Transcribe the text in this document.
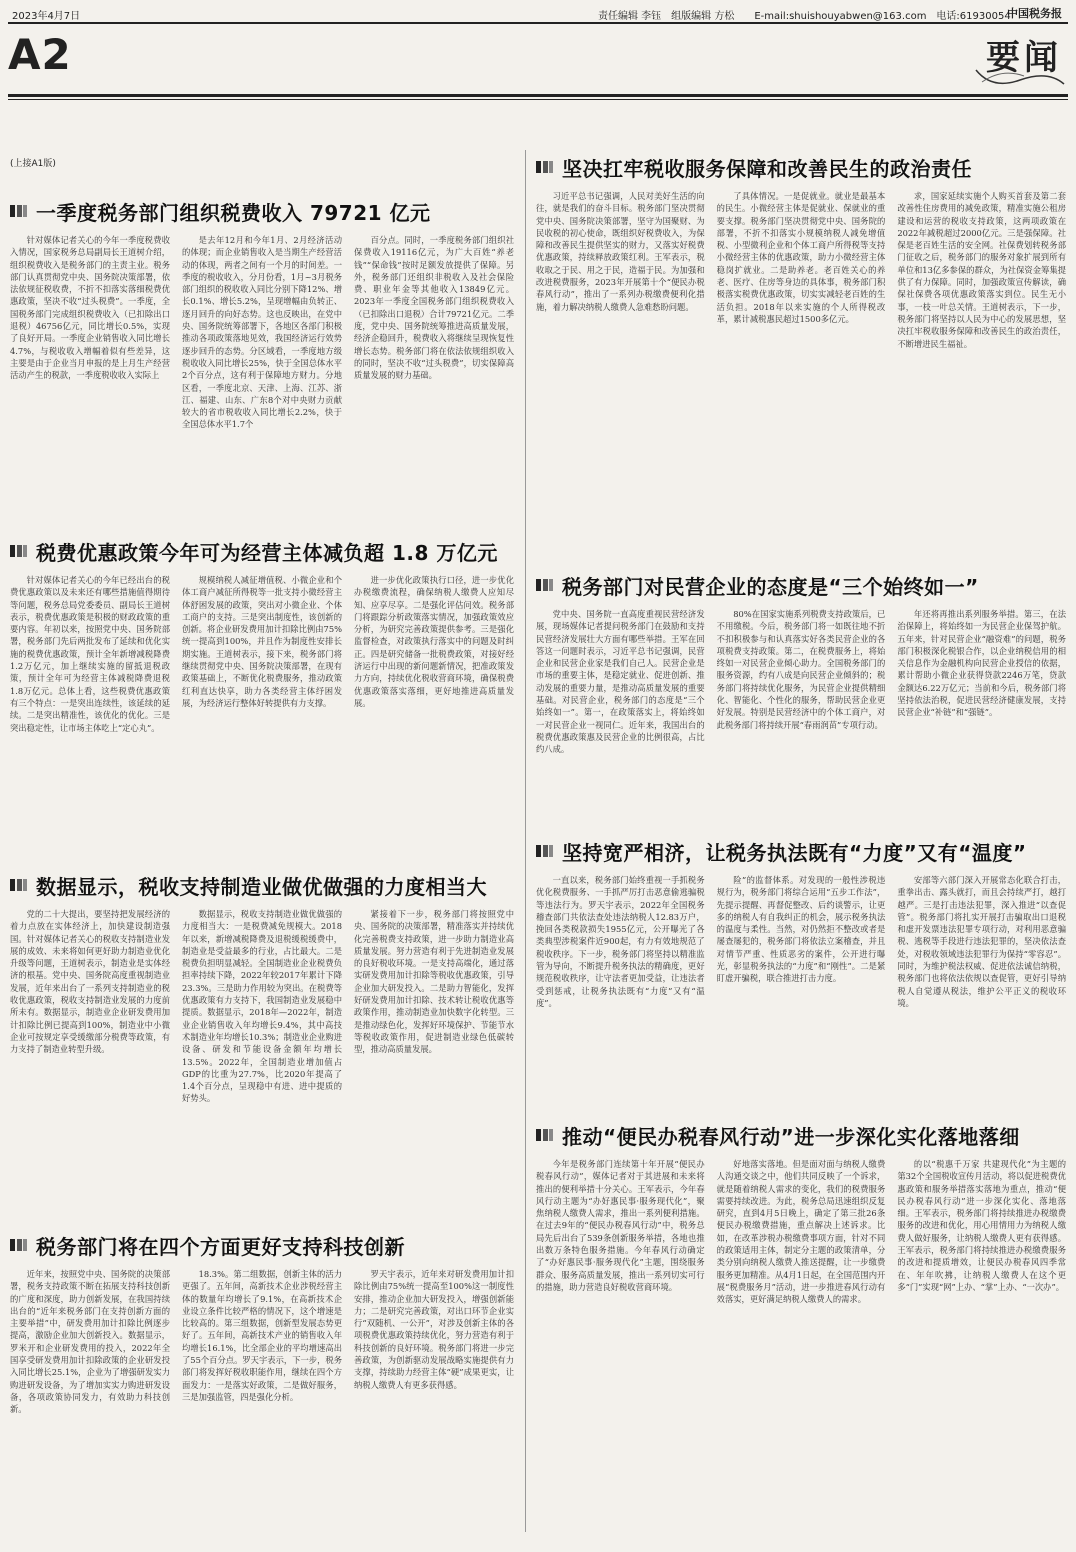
2023年4月7日	责任编辑 李钰　组版编辑 方松　　E-mail:shuishouyabwen@163.com　电话:61930054
中国税务报
A2	要闻
(上接A1版)
一季度税务部门组织税费收入 79721 亿元

针对媒体记者关心的今年一季度税费收入情况，国家税务总局副局长王道树介绍，组织税费收入是税务部门的主责主业。税务部门认真贯彻党中央、国务院决策部署，依法依规征税收费，不折不扣落实落细税费优惠政策，坚决不收“过头税费”。一季度，全国税务部门完成组织税费收入（已扣除出口退税）46756亿元，同比增长0.5%，实现了良好开局。一季度企业销售收入同比增长4.7%，与税收收入增幅着似有些差异，这主要是由于企业当月申报的是上月生产经营活动产生的税款，一季度税收收入实际上

是去年12月和今年1月、2月经济活动的体现；而企业销售收入是当期生产经营活动的体现，两者之间有一个月的时间差。一季度的税收收入，分月份看，1月~3月税务部门组织的税收收入同比分别下降12%、增长0.1%、增长5.2%，呈现增幅由负转正、逐月回升的向好态势。这也反映出，在党中央、国务院统筹部署下，各地区各部门积极推动各项政策落地见效，我国经济运行效势逐步回升的态势。分区域看，一季度地方级税收收入同比增长25%，快于全国总体水平2个百分点，这有利于保障地方财力。分地区看，一季度北京、天津、上海、江苏、浙江、福建、山东、广东8个对中央财力贡献较大的省市税收收入同比增长2.2%，快于全国总体水平1.7个

百分点。同时，一季度税务部门组织社保费收入19116亿元，为广大百姓“养老钱”“保命钱”按时足额发放提供了保障。另外，税务部门还组织非税收入及社会保险费、职业年金等其他收入13849亿元。2023年一季度全国税务部门组织税费收入（已扣除出口退税）合计79721亿元。二季度，党中央、国务院统筹推进高质量发展，经济企稳回升，税费收入将继续呈现恢复性增长态势。税务部门将在依法依规组织收入的同时，坚决不收“过头税费”，切实保障高质量发展的财力基础。

税费优惠政策今年可为经营主体减负超 1.8 万亿元

针对媒体记者关心的今年已经出台的税费优惠政策以及未来还有哪些措施值得期待等问题，税务总局党委委员、副局长王道树表示，税费优惠政策是积极的财政政策的重要内容。年初以来，按照党中央、国务院部署，税务部门先后两批发布了延续和优化实施的税费优惠政策，预计全年新增减税降费1.2万亿元，加上继续实施的留抵退税政策，预计全年可为经营主体减税降费退税1.8万亿元。总体上看，这些税费优惠政策有三个特点：一是突出连续性，该延续的延续。二是突出精准性，该优化的优化。三是突出稳定性，让市场主体吃上“定心丸”。

规模纳税人减征增值税、小微企业和个体工商户减征所得税等一批支持小微经营主体舒困发展的政策，突出对小微企业、个体工商户的支持。三是突出制度性，该创新的创新。将企业研发费用加计扣除比例由75%统一提高到100%，并且作为制度性安排长期实施。王道树表示，接下来，税务部门将继续贯彻党中央、国务院决策部署，在现有政策基础上，不断优化税费服务，推动政策红利直达快享，助力各类经营主体纾困发展，为经济运行整体好转提供有力支撑。

进一步优化政策执行口径，进一步优化办税缴费流程，确保纳税人缴费人应知尽知、应享尽享。二是强化评估问效。税务部门将跟踪分析政策落实情况，加强政策效应分析，为研究完善政策提供参考。三是强化监督检查，对政策执行落实中的问题及时纠正。四是研究储备一批税费政策，对接好经济运行中出现的新问题新情况，把准政策发力方向，持续优化税收营商环境，确保税费优惠政策落实落细，更好地推进高质量发展。

数据显示，税收支持制造业做优做强的力度相当大

党的二十大提出，要坚持把发展经济的着力点放在实体经济上，加快建设制造强国。针对媒体记者关心的税收支持制造业发展的成效、未来将如何更好助力制造业优化升级等问题，王道树表示，制造业是实体经济的根基。党中央、国务院高度重视制造业发展，近年来出台了一系列支持制造业的税收优惠政策，税收支持制造业发展的力度前所未有。数据显示，制造业企业研发费用加计扣除比例已提高到100%，制造业中小微企业可按规定享受缓缴部分税费等政策，有力支持了制造业转型升级。

数据显示，税收支持制造业做优做强的力度相当大：一是税费减免规模大。2018年以来，新增减税降费及退税缓税缓费中，制造业是受益最多的行业，占比最大。二是税费负担明显减轻。全国制造业企业税费负担率持续下降，2022年较2017年累计下降23.3%。三是助力作用较为突出。在税费等优惠政策有力支持下，我国制造业发展稳中提质。数据显示，2018年—2022年，制造业企业销售收入年均增长9.4%，其中高技术制造业年均增长10.3%；制造业企业购进设备、研发和节能设备金额年均增长13.5%。2022年，全国制造业增加值占GDP的比重为27.7%，比2020年提高了1.4个百分点，呈现稳中有进、进中提质的好势头。

紧接着下一步，税务部门将按照党中央、国务院的决策部署，精准落实并持续优化完善税费支持政策，进一步助力制造业高质量发展。努力营造有利于先进制造业发展的良好税收环境。一是支持高端化，通过落实研发费用加计扣除等税收优惠政策，引导企业加大研发投入。二是助力智能化，发挥好研发费用加计扣除、技术转让税收优惠等政策作用，推动制造业加快数字化转型。三是推动绿色化，发挥好环境保护、节能节水等税收政策作用，促进制造业绿色低碳转型，推动高质量发展。

税务部门将在四个方面更好支持科技创新

近年来，按照党中央、国务院的决策部署，税务支持政策不断在拓展支持科技创新的广度和深度，助力创新发展，在我国持续出台的“近年来税务部门在支持创新方面的主要举措”中，研发费用加计扣除比例逐步提高，激励企业加大创新投入。数据显示，罗米开和企业研发费用的投入，2022年全国享受研发费用加计扣除政策的企业研发投入同比增长25.1%，企业为了增强研发实力购进研发设备，为了增加实实力购进研发设备，各项政策协同发力，有效助力科技创新。

18.3%。第二组数据，创新主体的活力更强了。五年间，高新技术企业涉税经营主体的数量年均增长了9.1%，在高新技术企业设立条件比较严格的情况下，这个增速是比较高的。第三组数据，创新型发展态势更好了。五年间，高新技术产业的销售收入年均增长16.1%，比全部企业的平均增速高出了55个百分点。罗天宇表示，下一步，税务部门将发挥好税收职能作用，继续在四个方面发力：一是落实好政策，二是做好服务，三是加强监管，四是强化分析。

罗天宇表示，近年来对研发费用加计扣除比例由75%统一提高至100%这一制度性安排，推动企业加大研发投入，增强创新能力；二是研究完善政策，对出口环节企业实行“双随机、一公开”，对涉及创新主体的各项税费优惠政策持续优化，努力营造有利于科技创新的良好环境。税务部门将进一步完善政策，为创新驱动发展战略实施提供有力支撑，持续助力经营主体“硬”成果更实，让纳税人缴费人有更多获得感。

坚决扛牢税收服务保障和改善民生的政治责任

习近平总书记强调，人民对美好生活的向往，就是我们的奋斗目标。税务部门坚决贯彻党中央、国务院决策部署，坚守为国聚财、为民收税的初心使命，既组织好税费收入，为保障和改善民生提供坚实的财力，又落实好税费优惠政策，持续释放政策红利。王军表示，税收取之于民、用之于民，造福于民。为加强和改进税费服务，2023年开展第十个“便民办税春风行动”，推出了一系列办税缴费便利化措施，着力解决纳税人缴费人急难愁盼问题。

了具体情况。一是促就业。就业是最基本的民生。小微经营主体是促就业、保就业的重要支撑。税务部门坚决贯彻党中央、国务院的部署，不折不扣落实小规模纳税人减免增值税、小型微利企业和个体工商户所得税等支持小微经营主体的优惠政策，助力小微经营主体稳岗扩就业。二是助养老。老百姓关心的养老、医疗、住房等身边的具体事，税务部门积极落实税费优惠政策，切实实减轻老百姓的生活负担。2018年以来实施的个人所得税改革，累计减税惠民超过1500多亿元。

求，国家延续实施个人购买首套及第二套改善性住房费用的减免政策，精准实施公租房建设和运营的税收支持政策，这两项政策在2022年减税超过2000亿元。三是强保障。社保是老百姓生活的安全网。社保费划转税务部门征收之后，税务部门的服务对象扩展到所有单位和13亿多参保的群众，为社保资金筹集提供了有力保障。同时，加强政策宣传解读，确保社保费各项优惠政策落实到位。民生无小事，一枝一叶总关情。王道树表示，下一步，税务部门将坚持以人民为中心的发展思想，坚决扛牢税收服务保障和改善民生的政治责任，不断增进民生福祉。

税务部门对民营企业的态度是“三个始终如一”

党中央、国务院一直高度重视民营经济发展，现场媒体记者提问税务部门在鼓励和支持民营经济发展壮大方面有哪些举措。王军在回答这一问题时表示，习近平总书记强调，民营企业和民营企业家是我们自己人。民营企业是市场的重要主体，是稳定就业、促进创新、推动发展的重要力量，是推动高质量发展的重要基础。对民营企业，税务部门的态度是“三个始终如一”。第一，在政策落实上，将始终如一对民营企业一视同仁。近年来，我国出台的税费优惠政策惠及民营企业的比例很高，占比约八成。

80%在国家实施系列税费支持政策后，已不用缴税。今后，税务部门将一如既往地不折不扣积极参与和认真落实好各类民营企业的各项税费支持政策。第二，在税费服务上，将始终如一对民营企业倾心助力。全国税务部门的服务资源，约有八成是向民营企业倾斜的；税务部门将持续优化服务，为民营企业提供精细化、智能化、个性化的服务，帮助民营企业更好发展。特别是民营经济中的个体工商户，对此税务部门将持续开展“春雨润苗”专项行动。

年还将再推出系列服务举措。第三，在法治保障上，将始终如一为民营企业保驾护航。五年来，针对民营企业“融资难”的问题，税务部门积极深化税银合作，以企业纳税信用的相关信息作为金融机构向民营企业授信的依据，累计帮助小微企业获得贷款2246万笔，贷款金额达6.22万亿元；当前和今后，税务部门将坚持依法治税，促进民营经济健康发展，支持民营企业“补链”和“强链”。

坚持宽严相济，让税务执法既有“力度”又有“温度”

一直以来，税务部门始终重视一手抓税务优化税费服务、一手抓严厉打击恶意偷逃骗税等违法行为。罗天宇表示，2022年全国税务稽查部门共依法查处违法纳税人12.83万户，挽回各类税款损失1955亿元，公开曝光了各类典型涉税案件近900起，有力有效地规范了税收秩序。下一步，税务部门将坚持以精准监管为导向，不断提升税务执法的精确度，更好规范税收秩序，让守法者更加受益，让违法者受到惩戒，让税务执法既有“力度”又有“温度”。

险”的监督体系。对发现的一般性涉税违规行为，税务部门将综合运用“五步工作法”，先提示提醒、再督促整改、后约谈警示，让更多的纳税人有自我纠正的机会，展示税务执法的温度与柔性。当然，对仍然拒不整改或者是屡查屡犯的，税务部门将依法立案稽查，并且对情节严重、性质恶劣的案件，公开进行曝光，彰显税务执法的“力度”和“刚性”。二是紧盯虚开骗税，联合推进打击力度。

安部等六部门深入开展常态化联合打击，重拳出击、露头就打，而且会持续严打，越打越严。三是打击违法犯罪，深入推进“以查促管”。税务部门将扎实开展打击骗取出口退税和虚开发票违法犯罪专项行动，对利用恶意骗税、逃税等手段进行违法犯罪的，坚决依法查处，对税收领域违法犯罪行为保持“零容忍”。同时，为维护税法权威、促进依法诚信纳税，税务部门也将依法依规以查促管，更好引导纳税人自觉遵从税法，维护公平正义的税收环境。

推动“便民办税春风行动”进一步深化实化落地落细

今年是税务部门连续第十年开展“便民办税春风行动”，媒体记者对于其进展和未来将推出的便利举措十分关心。王军表示，今年春风行动主题为“办好惠民事·服务现代化”，聚焦纳税人缴费人需求，推出一系列便利措施。在过去9年的“便民办税春风行动”中，税务总局先后出台了539条创新服务举措，各地也推出数万条特色服务措施。今年春风行动确定了“办好惠民事·服务现代化”主题，围绕服务群众、服务高质量发展，推出一系列切实可行的措施，助力营造良好税收营商环境。

好地落实落地。但是面对面与纳税人缴费人沟通交谈之中，他们共同反映了一个诉求，就是随着纳税人需求的变化，我们的税费服务需要持续改进。为此，税务总局迅速组织反复研究，直到4月5日晚上，确定了第三批26条便民办税缴费措施，重点解决上述诉求。比如，在改革涉税办税缴费事项方面，针对不同的政策适用主体，制定分主题的政策清单，分类分别向纳税人缴费人推送提醒，让一步缴费服务更加精准。从4月1日起，在全国范围内开展“税费服务月”活动，进一步推进春风行动有效落实，更好满足纳税人缴费人的需求。

的以“税惠千万家 共建现代化”为主题的第32个全国税收宣传月活动，将以促进税费优惠政策和服务举措落实落地为重点，推动“便民办税春风行动”进一步深化实化、落地落细。王军表示，税务部门将持续推进办税缴费服务的改进和优化，用心用情用力为纳税人缴费人做好服务，让纳税人缴费人更有获得感。王军表示，税务部门将持续推进办税缴费服务的改进和提质增效，让便民办税春风四季常在、年年吹拂，让纳税人缴费人在这个更多“门”实现“网”上办、“掌”上办、“一次办”。
